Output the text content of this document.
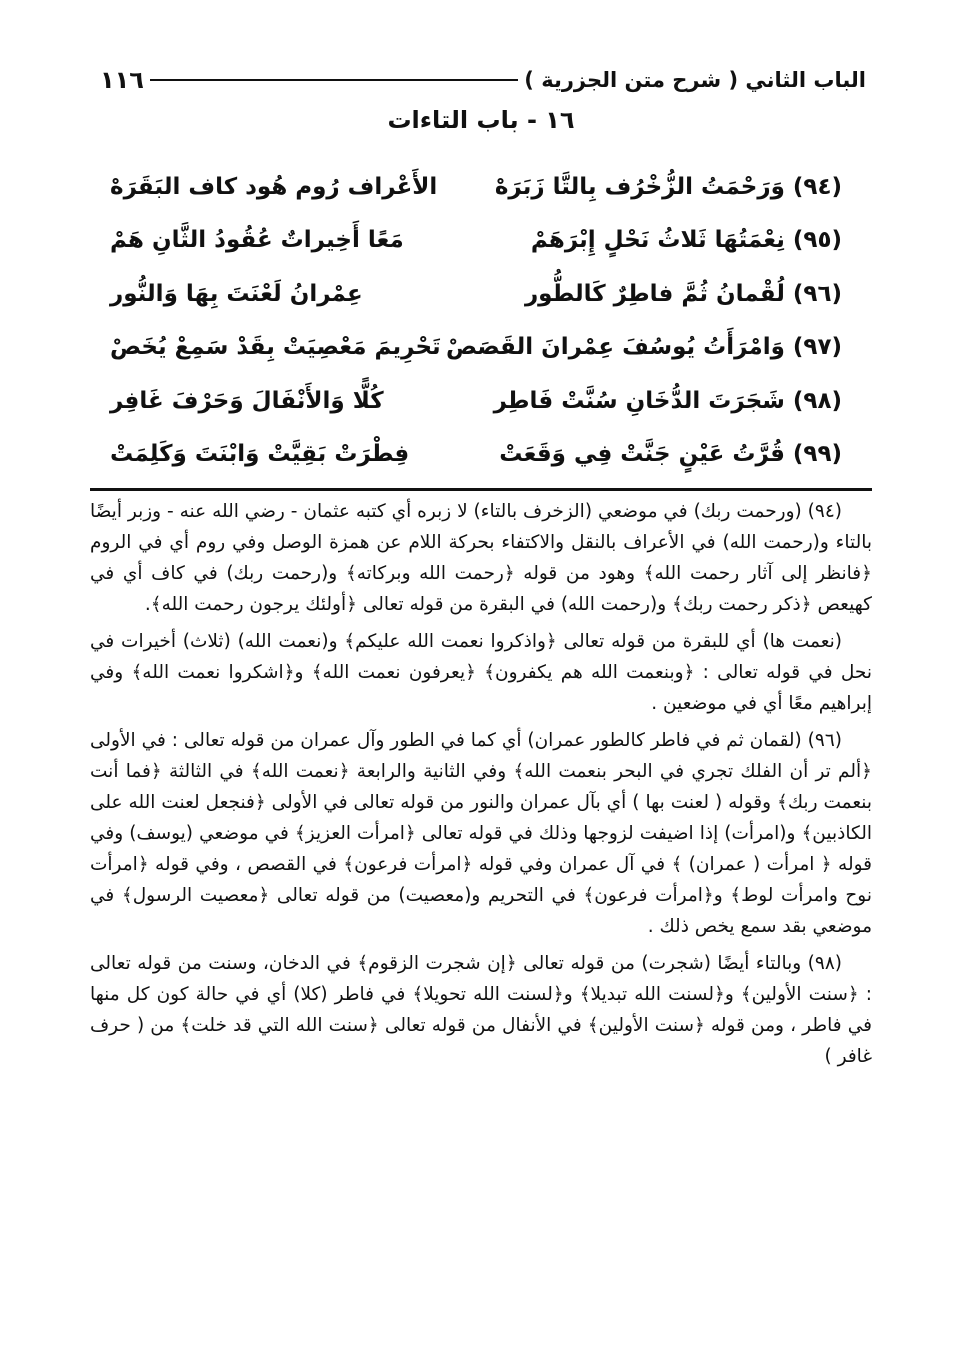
الباب الثاني ( شرح متن الجزرية )
١١٦
١٦ - باب التاءات
(٩٤)
وَرَحْمَتُ الزُّخْرُف بِالتَّا زَبَرَهْ
الأَعْراف رُوم هُود كاف البَقَرَهْ
(٩٥)
نِعْمَتُهَا ثَلاثُ نَحْلٍ إِبْرَهَمْ
مَعًا أَخِيراتٌ عُقُودُ الثَّانِ هَمْ
(٩٦)
لُقْمانُ ثُمَّ فاطِرٌ كَالطُّور
عِمْرانُ لَعْنَتَ بِهَا وَالنُّور
(٩٧)
وَامْرَأَتُ يُوسُفَ عِمْرانَ القَصَصْ
تَحْرِيمَ مَعْصِيَتْ بِقَدْ سَمِعْ يُخَصْ
(٩٨)
شَجَرَتَ الدُّخَانِ سُنَّتْ فَاطِر
كُلًّا وَالأَنْفَالَ وَحَرْفَ غَافِر
(٩٩)
قُرَّتُ عَيْنٍ جَنَّتْ فِي وَقَعَتْ
فِطْرَتْ بَقِيَّتْ وَابْنَتَ وَكَلِمَتْ

(٩٤) (ورحمت ربك) في موضعي (الزخرف بالتاء) لا زبره أي كتبه عثمان - رضي الله عنه - وزبر أيضًا بالتاء و(رحمت الله) في الأعراف بالنقل والاكتفاء بحركة اللام عن همزة الوصل وفي روم أي في الروم ﴿فانظر إلى آثار رحمت الله﴾ وهود من قوله ﴿رحمت الله وبركاته﴾ و(رحمت ربك) في كاف أي في كهيعص ﴿ذكر رحمت ربك﴾ و(رحمت الله) في البقرة من قوله تعالى ﴿أولئك يرجون رحمت الله﴾.

(نعمت ها) أي للبقرة من قوله تعالى ﴿واذكروا نعمت الله عليكم﴾ و(نعمت الله) (ثلاث) أخيرات في نحل في قوله تعالى : ﴿وبنعمت الله هم يكفرون﴾ ﴿يعرفون نعمت الله﴾ و﴿اشكروا نعمت الله﴾ وفي إبراهيم معًا أي في موضعين .

(٩٦) (لقمان ثم في فاطر كالطور عمران) أي كما في الطور وآل عمران من قوله تعالى : في الأولى ﴿ألم تر أن الفلك تجري في البحر بنعمت الله﴾ وفي الثانية والرابعة ﴿نعمت الله﴾ في الثالثة ﴿فما أنت بنعمت ربك﴾ وقوله ( لعنت بها ) أي بآل عمران والنور من قوله تعالى في الأولى ﴿فنجعل لعنت الله على الكاذبين﴾ و(امرأت) إذا اضيفت لزوجها وذلك في قوله تعالى ﴿امرأت العزيز﴾ في موضعي (يوسف) وفي قوله ﴿ امرأت ( عمران) ﴾ في آل عمران وفي قوله ﴿امرأت فرعون﴾ في القصص ، وفي قوله ﴿امرأت نوح وامرأت لوط﴾ و﴿امرأت فرعون﴾ في التحريم و(معصيت) من قوله تعالى ﴿معصيت الرسول﴾ في موضعي بقد سمع يخص ذلك .

(٩٨) وبالتاء أيضًا (شجرت) من قوله تعالى ﴿إن شجرت الزقوم﴾ في الدخان، وسنت من قوله تعالى : ﴿سنت الأولين﴾ و﴿لسنت الله تبديلا﴾ و﴿لسنت الله تحويلا﴾ في فاطر (كلا) أي في حالة كون كل منها في فاطر ، ومن قوله ﴿سنت الأولين﴾ في الأنفال من قوله تعالى ﴿سنت الله التي قد خلت﴾ من ( حرف غافر )
